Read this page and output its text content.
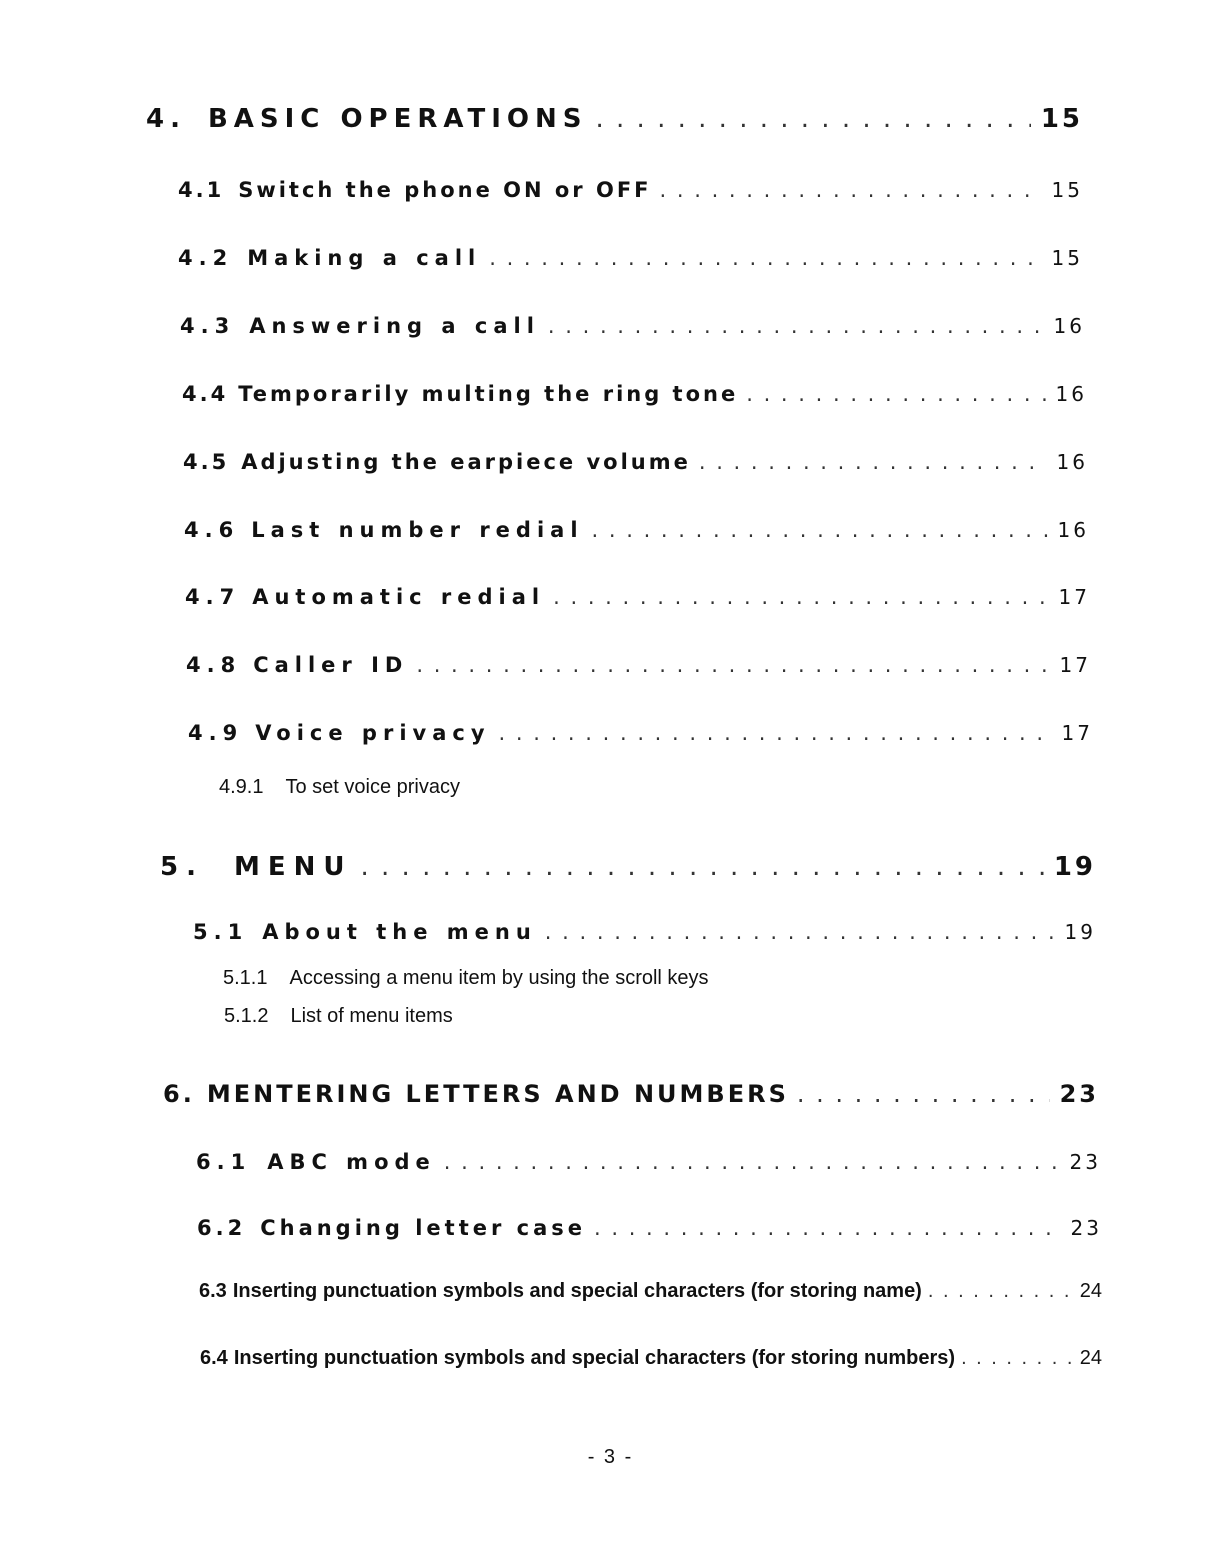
4. BASIC OPERATIONS . . .	15
4.1 Switch the phone ON or OFF . . .	15
4.2 Making a call . . .	15
4.3 Answering a call . . .	16
4.4 Temporarily multing the ring tone . . .	16
4.5 Adjusting the earpiece volume . . .	16
4.6 Last number redial . . .	16
4.7 Automatic redial . . .	17
4.8 Caller ID . . .	17
4.9 Voice privacy . . .	17
4.9.1 To set voice privacy
5. MENU . . .	19
5.1 About the menu . . .	19
5.1.1 Accessing a menu item by using the scroll keys
5.1.2 List of menu items
6. MENTERING LETTERS AND NUMBERS . . .	23
6.1 ABC mode . . .	23
6.2 Changing letter case . . .	23
6.3 Inserting punctuation symbols and special characters (for storing name) . . .	24
6.4 Inserting punctuation symbols and special characters (for storing numbers) . . .	24
- 3 -
